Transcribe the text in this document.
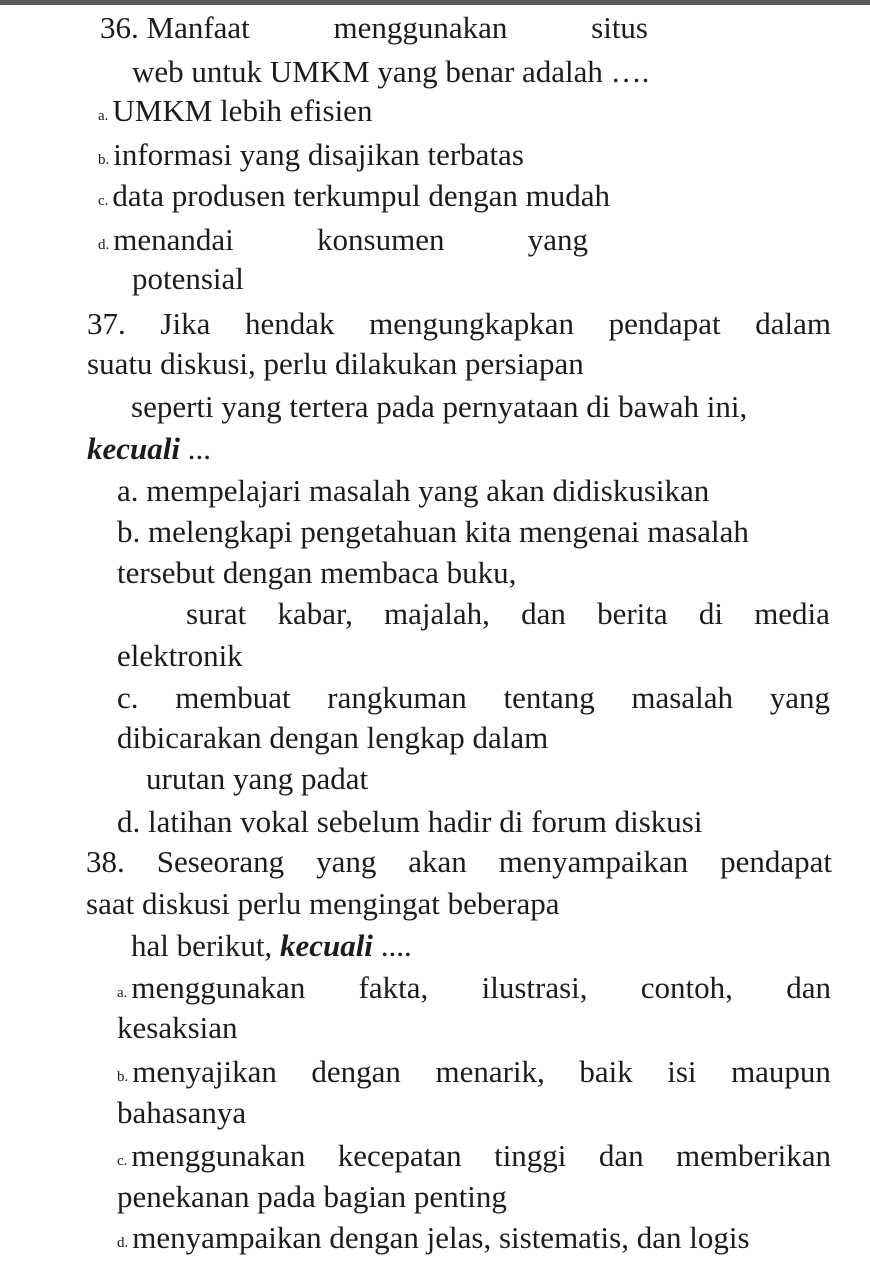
36. Manfaat	menggunakan	situs
web untuk UMKM yang benar adalah ….
a. UMKM lebih efisien
b. informasi yang disajikan terbatas
c. data produsen terkumpul dengan mudah
d. menandai	konsumen	yang
potensial
37. Jika hendak mengungkapkan pendapat dalam
suatu diskusi, perlu dilakukan persiapan
seperti yang tertera pada pernyataan di bawah ini,
kecuali ...
a. mempelajari masalah yang akan didiskusikan
b. melengkapi pengetahuan kita mengenai masalah
tersebut dengan membaca buku,
surat kabar, majalah, dan berita di media
elektronik
c. membuat rangkuman tentang masalah yang
dibicarakan dengan lengkap dalam
urutan yang padat
d. latihan vokal sebelum hadir di forum diskusi
38. Seseorang yang akan menyampaikan pendapat
saat diskusi perlu mengingat beberapa
hal berikut, kecuali ....
a. menggunakan fakta, ilustrasi, contoh, dan
kesaksian
b. menyajikan dengan menarik, baik isi maupun
bahasanya
c. menggunakan kecepatan tinggi dan memberikan
penekanan pada bagian penting
d. menyampaikan dengan jelas, sistematis, dan logis
